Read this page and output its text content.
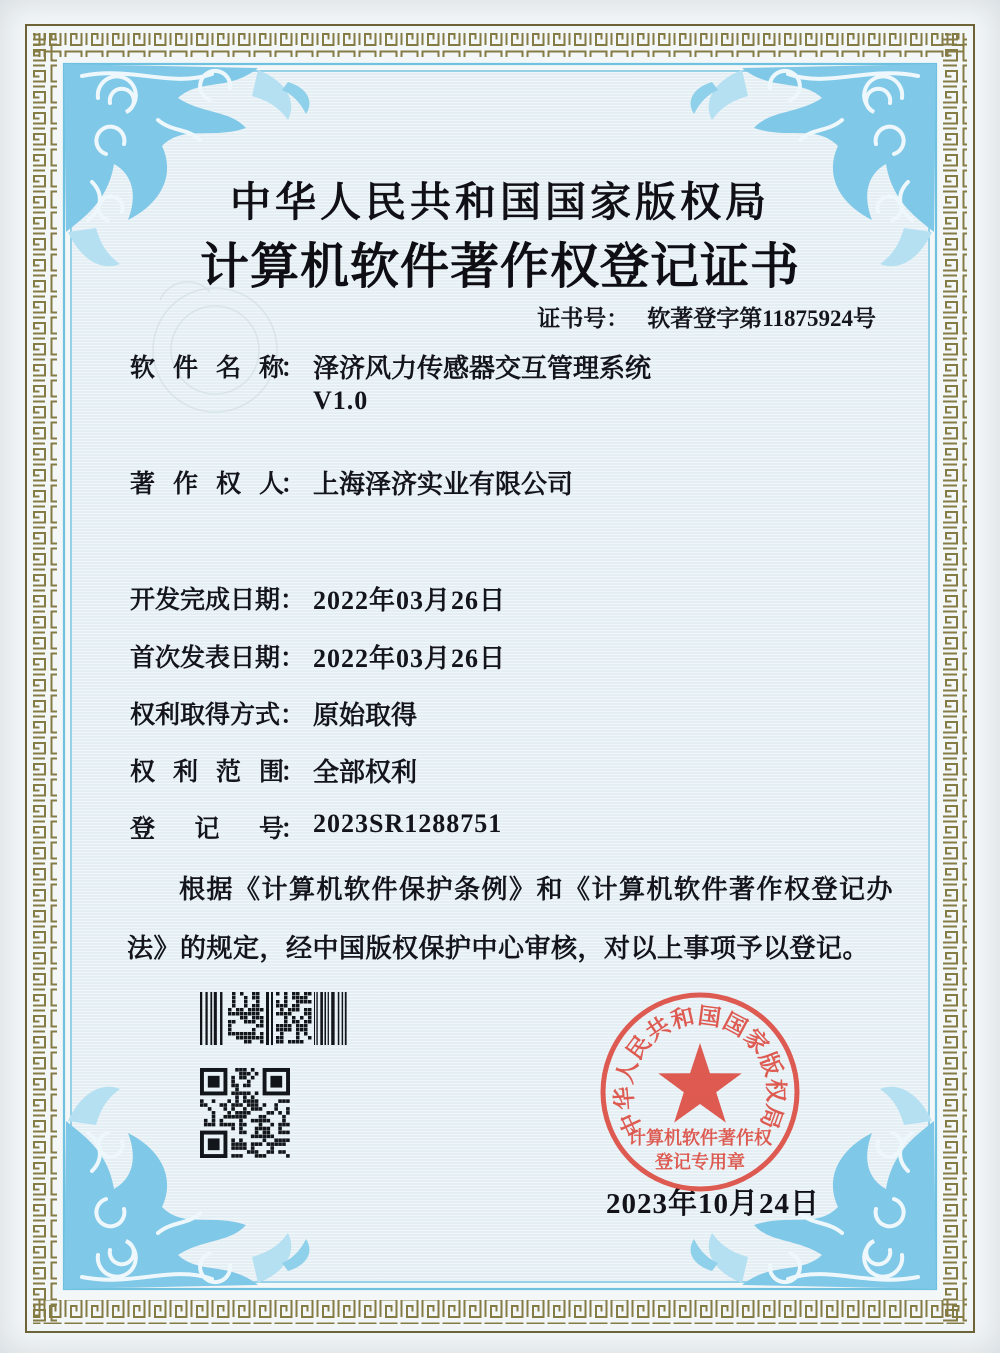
中华人民共和国国家版权局
计算机软件著作权登记证书
证书号： 软著登字第11875924号
软　件　名　称： 泽济风力传感器交互管理系统
V1.0
著　作　权　人： 上海泽济实业有限公司
开发完成日期： 2022年03月26日
首次发表日期： 2022年03月26日
权利取得方式： 原始取得
权　利　范　围： 全部权利
登　　记　　号： 2023SR1288751

根据《计算机软件保护条例》和《计算机软件著作权登记办法》的规定，经中国版权保护中心审核，对以上事项予以登记。

2023年10月24日
中华人民共和国国家版权局
计算机软件著作权
登记专用章
